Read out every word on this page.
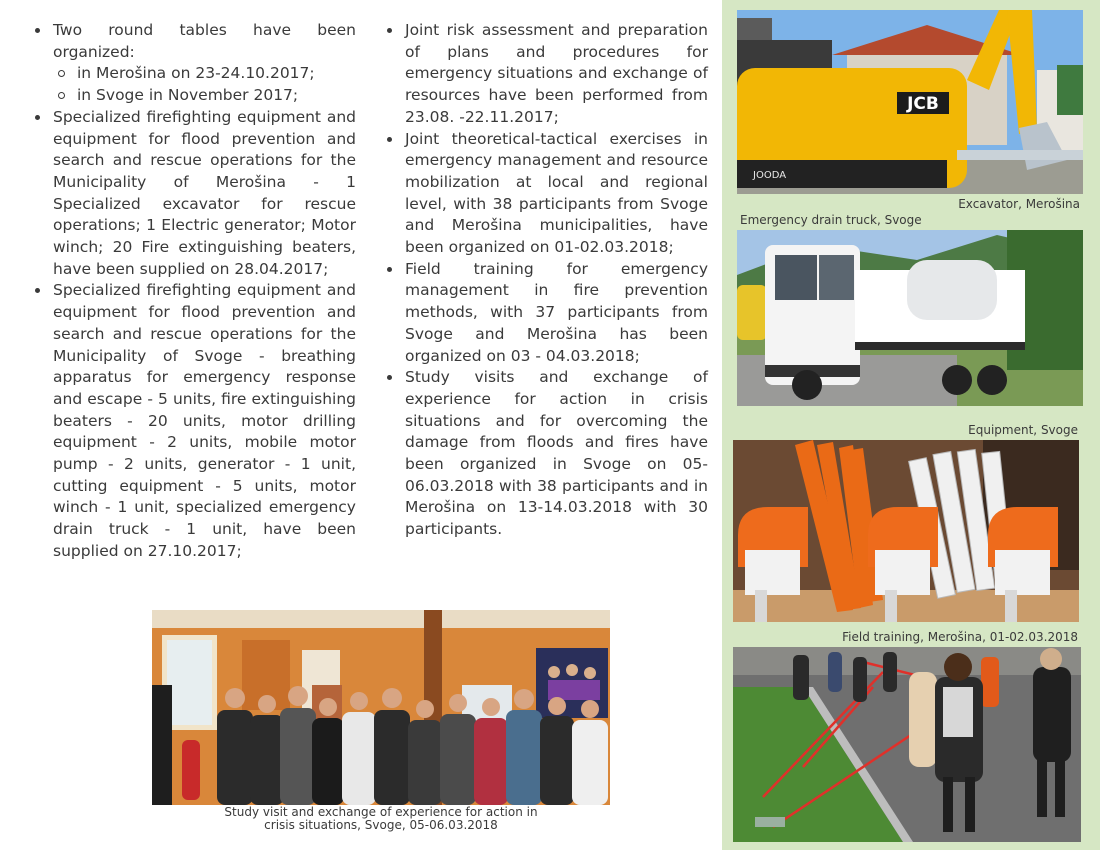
Two round tables have been organized:
in Merošina on 23-24.10.2017;
in Svoge in November 2017;
Specialized firefighting equipment and equipment for flood prevention and search and rescue operations for the Municipality of Merošina - 1 Specialized excavator for rescue operations; 1 Electric generator; Motor winch; 20 Fire extinguishing beaters, have been supplied on 28.04.2017;
Specialized firefighting equipment and equipment for flood prevention and search and rescue operations for the Municipality of Svoge - breathing apparatus for emergency response and escape - 5 units, fire extinguishing beaters - 20 units, motor drilling equipment - 2 units, mobile motor pump - 2 units, generator - 1 unit, cutting equipment - 5 units, motor winch - 1 unit, specialized emergency drain truck - 1 unit, have been supplied on 27.10.2017;
Joint risk assessment and preparation of plans and procedures for emergency situations and exchange of resources have been performed from 23.08. -22.11.2017;
Joint theoretical-tactical exercises in emergency management and resource mobilization at local and regional level, with 38 participants from Svoge and Merošina municipalities, have been organized on 01-02.03.2018;
Field training for emergency management in fire prevention methods, with 37 participants from Svoge and Merošina has been organized on 03 - 04.03.2018;
Study visits and exchange of experience for action in crisis situations and for overcoming the damage from floods and fires have been organized in Svoge on 05-06.03.2018 with 38 participants and in Merošina on 13-14.03.2018 with 30 participants.
Study visit and exchange of experience for action in
crisis situations, Svoge, 05-06.03.2018
JCB
JOODA
Excavator, Merošina
Emergency drain truck, Svoge
Equipment, Svoge
Field training, Merošina, 01-02.03.2018
